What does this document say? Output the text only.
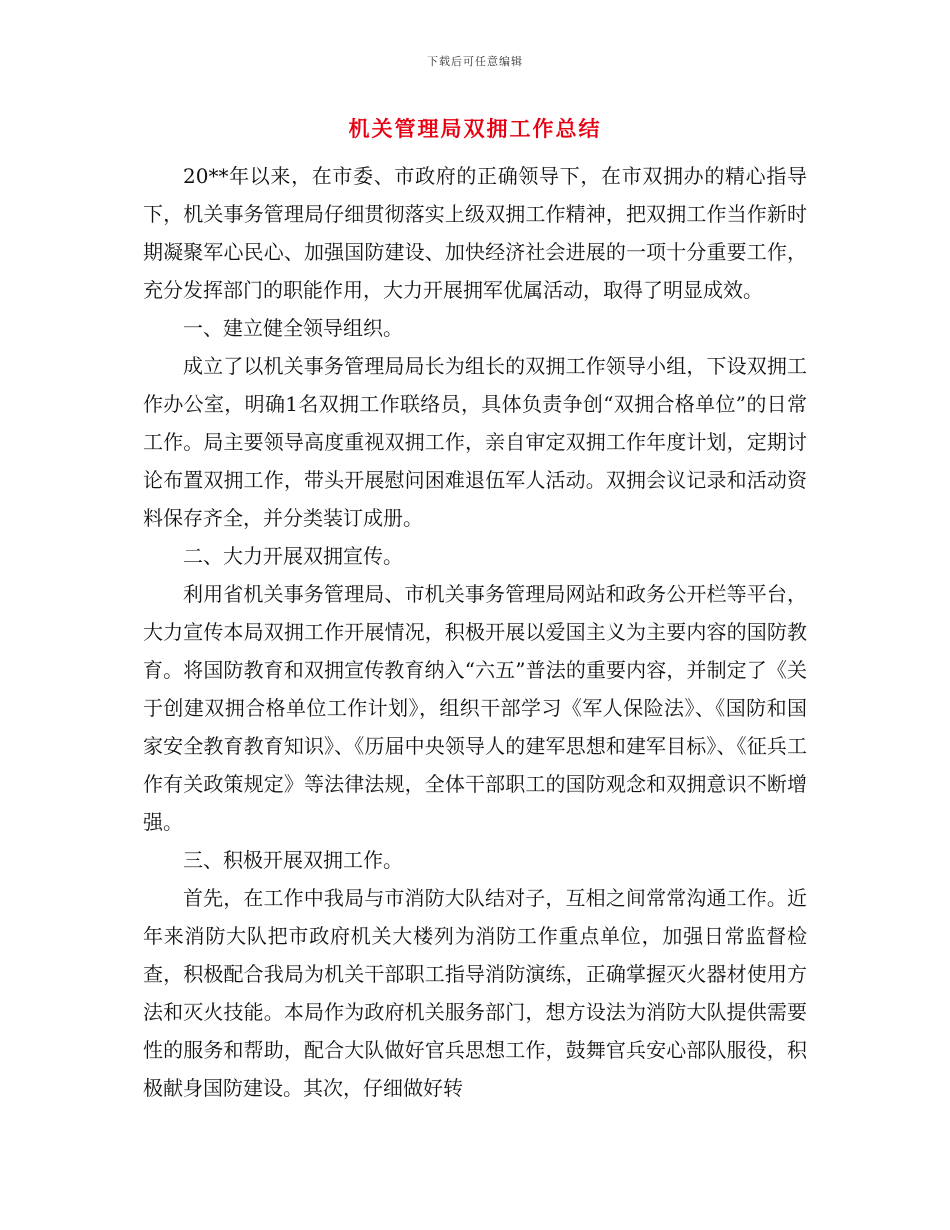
下载后可任意编辑
机关管理局双拥工作总结

20**年以来，在市委、市政府的正确领导下，在市双拥办的精心指导下，机关事务管理局仔细贯彻落实上级双拥工作精神，把双拥工作当作新时期凝聚军心民心、加强国防建设、加快经济社会进展的一项十分重要工作，充分发挥部门的职能作用，大力开展拥军优属活动，取得了明显成效。

一、建立健全领导组织。

成立了以机关事务管理局局长为组长的双拥工作领导小组，下设双拥工作办公室，明确1名双拥工作联络员，具体负责争创“双拥合格单位”的日常工作。局主要领导高度重视双拥工作，亲自审定双拥工作年度计划，定期讨论布置双拥工作，带头开展慰问困难退伍军人活动。双拥会议记录和活动资料保存齐全，并分类装订成册。

二、大力开展双拥宣传。

利用省机关事务管理局、市机关事务管理局网站和政务公开栏等平台，大力宣传本局双拥工作开展情况，积极开展以爱国主义为主要内容的国防教育。将国防教育和双拥宣传教育纳入“六五”普法的重要内容，并制定了《关于创建双拥合格单位工作计划》，组织干部学习《军人保险法》、《国防和国家安全教育教育知识》、《历届中央领导人的建军思想和建军目标》、《征兵工作有关政策规定》等法律法规，全体干部职工的国防观念和双拥意识不断增强。

三、积极开展双拥工作。

首先，在工作中我局与市消防大队结对子，互相之间常常沟通工作。近年来消防大队把市政府机关大楼列为消防工作重点单位，加强日常监督检查，积极配合我局为机关干部职工指导消防演练，正确掌握灭火器材使用方法和灭火技能。本局作为政府机关服务部门，想方设法为消防大队提供需要性的服务和帮助，配合大队做好官兵思想工作，鼓舞官兵安心部队服役，积极献身国防建设。其次，仔细做好转
